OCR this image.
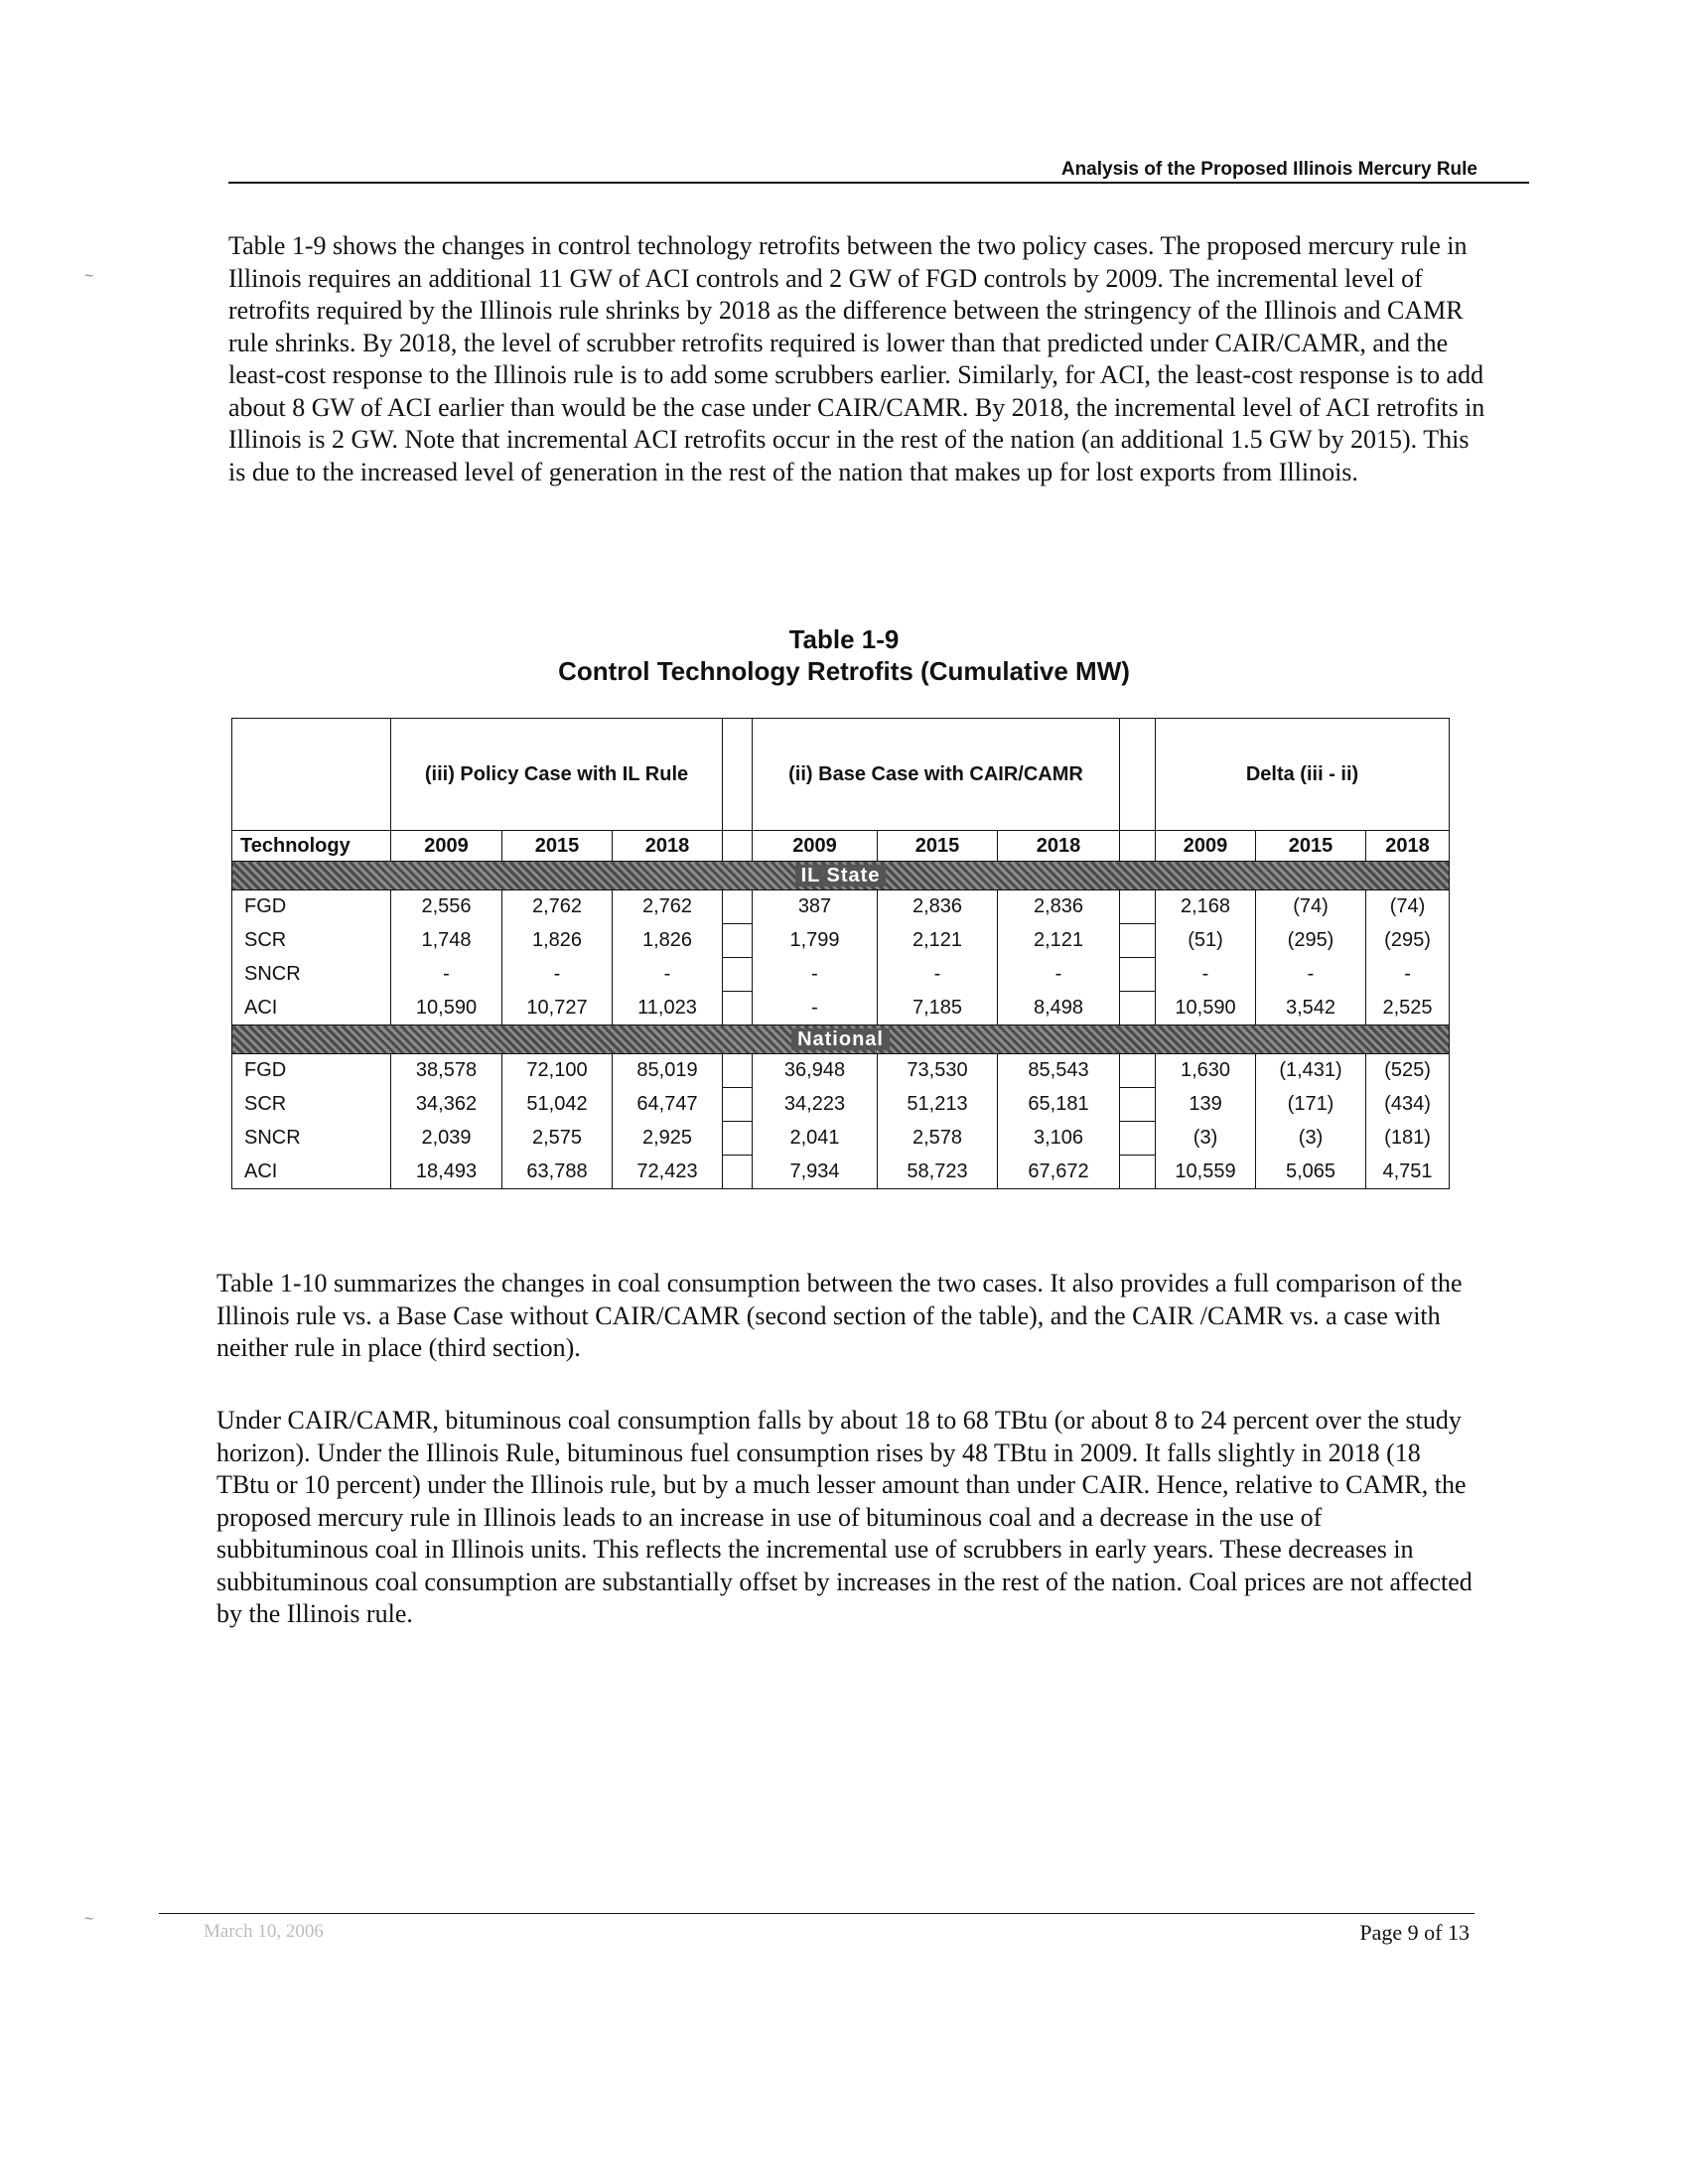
Analysis of the Proposed Illinois Mercury Rule

Table 1-9 shows the changes in control technology retrofits between the two policy cases. The proposed mercury rule in Illinois requires an additional 11 GW of ACI controls and 2 GW of FGD controls by 2009. The incremental level of retrofits required by the Illinois rule shrinks by 2018 as the difference between the stringency of the Illinois and CAMR rule shrinks. By 2018, the level of scrubber retrofits required is lower than that predicted under CAIR/CAMR, and the least-cost response to the Illinois rule is to add some scrubbers earlier. Similarly, for ACI, the least-cost response is to add about 8 GW of ACI earlier than would be the case under CAIR/CAMR. By 2018, the incremental level of ACI retrofits in Illinois is 2 GW. Note that incremental ACI retrofits occur in the rest of the nation (an additional 1.5 GW by 2015). This is due to the increased level of generation in the rest of the nation that makes up for lost exports from Illinois.

Table 1-9
Control Technology Retrofits (Cumulative MW)
	(iii) Policy Case with IL Rule				(ii) Base Case with CAIR/CAMR				Delta (iii - ii)		
Technology	2009	2015	2018		2009	2015	2018		2009	2015	2018
IL State											
FGD	2,556	2,762	2,762		387	2,836	2,836		2,168	(74)	(74)
SCR	1,748	1,826	1,826		1,799	2,121	2,121		(51)	(295)	(295)
SNCR	-	-	-		-	-	-		-	-	-
ACI	10,590	10,727	11,023		-	7,185	8,498		10,590	3,542	2,525
National											
FGD	38,578	72,100	85,019		36,948	73,530	85,543		1,630	(1,431)	(525)
SCR	34,362	51,042	64,747		34,223	51,213	65,181		139	(171)	(434)
SNCR	2,039	2,575	2,925		2,041	2,578	3,106		(3)	(3)	(181)
ACI	18,493	63,788	72,423		7,934	58,723	67,672		10,559	5,065	4,751

Table 1-10 summarizes the changes in coal consumption between the two cases. It also provides a full comparison of the Illinois rule vs. a Base Case without CAIR/CAMR (second section of the table), and the CAIR /CAMR vs. a case with neither rule in place (third section).

Under CAIR/CAMR, bituminous coal consumption falls by about 18 to 68 TBtu (or about 8 to 24 percent over the study horizon). Under the Illinois Rule, bituminous fuel consumption rises by 48 TBtu in 2009. It falls slightly in 2018 (18 TBtu or 10 percent) under the Illinois rule, but by a much lesser amount than under CAIR. Hence, relative to CAMR, the proposed mercury rule in Illinois leads to an increase in use of bituminous coal and a decrease in the use of subbituminous coal in Illinois units. This reflects the incremental use of scrubbers in early years. These decreases in subbituminous coal consumption are substantially offset by increases in the rest of the nation. Coal prices are not affected by the Illinois rule.

March 10, 2006	Page 9 of 13
~
~
